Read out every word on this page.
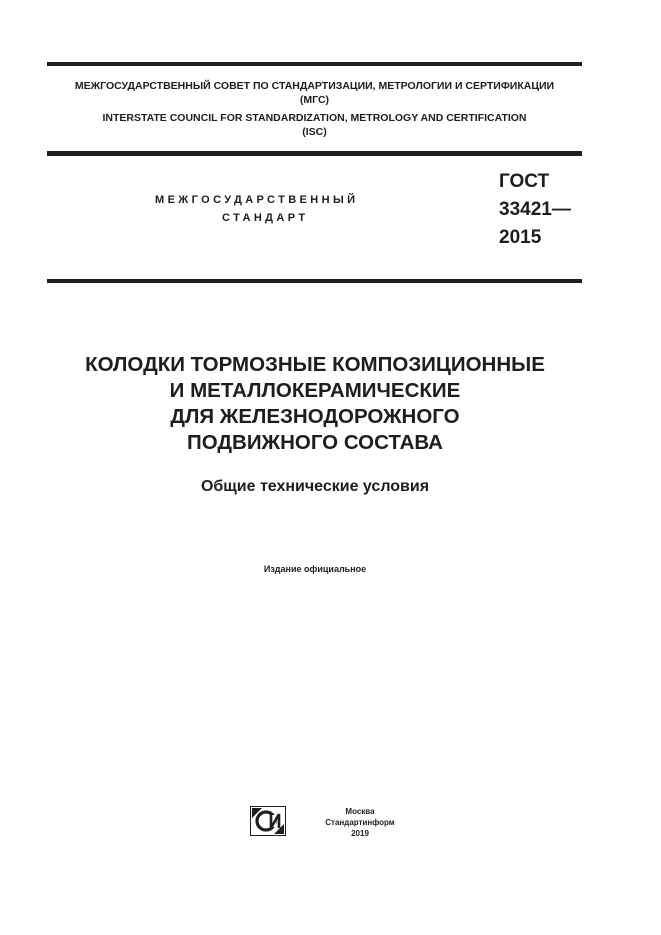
МЕЖГОСУДАРСТВЕННЫЙ СОВЕТ ПО СТАНДАРТИЗАЦИИ, МЕТРОЛОГИИ И СЕРТИФИКАЦИИ
(МГС)
INTERSTATE COUNCIL FOR STANDARDIZATION, METROLOGY AND CERTIFICATION
(ISC)
МЕЖГОСУДАРСТВЕННЫЙ
СТАНДАРТ
ГОСТ
33421—
2015
КОЛОДКИ ТОРМОЗНЫЕ КОМПОЗИЦИОННЫЕ
И МЕТАЛЛОКЕРАМИЧЕСКИЕ
ДЛЯ ЖЕЛЕЗНОДОРОЖНОГО
ПОДВИЖНОГО СОСТАВА
Общие технические условия
Издание официальное
Москва
Стандартинформ
2019
